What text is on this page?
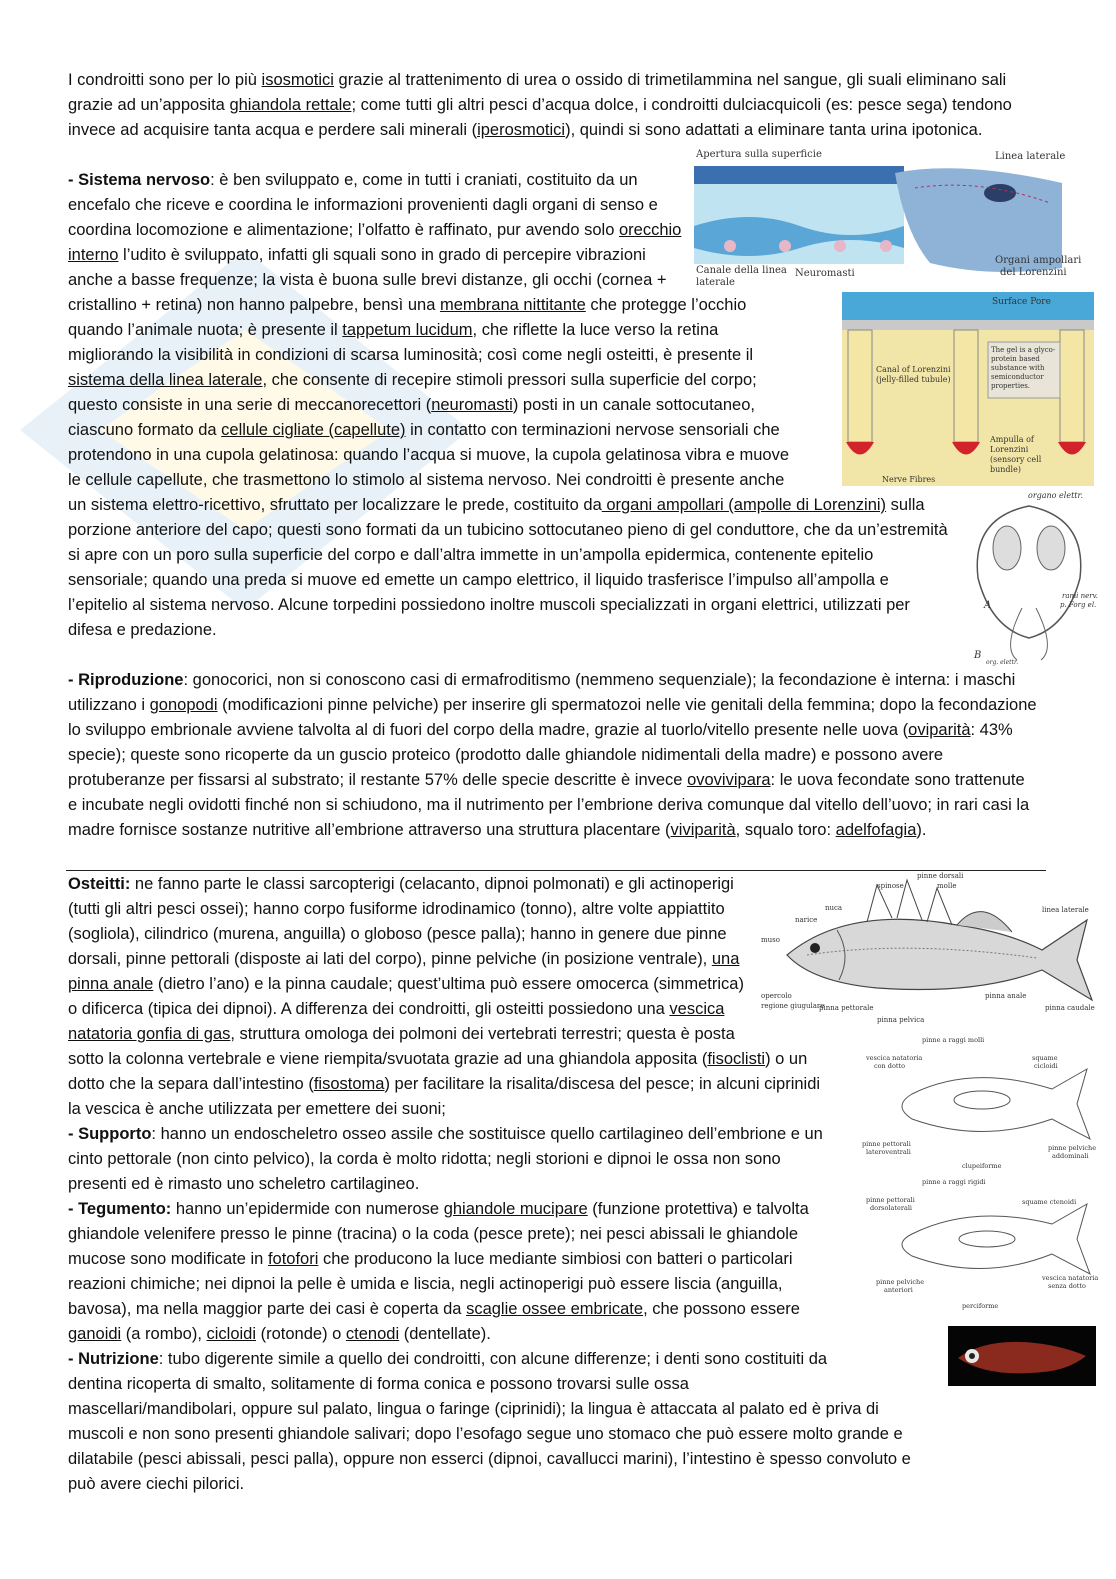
I condroitti sono per lo più isosmotici grazie al trattenimento di urea o ossido di trimetilammina nel sangue, gli suali eliminano sali grazie ad un’apposita ghiandola rettale; come tutti gli altri pesci d’acqua dolce, i condroitti dulciacquicoli (es: pesce sega) tendono invece ad acquisire tanta acqua e perdere sali minerali (iperosmotici), quindi si sono adattati a eliminare tanta urina ipotonica.

- Sistema nervoso: è ben sviluppato e, come in tutti i craniati, costituito da un encefalo che riceve e coordina le informazioni provenienti dagli organi di senso e coordina locomozione e alimentazione; l’olfatto è raffinato, pur avendo solo orecchio interno l’udito è sviluppato, infatti gli squali sono in grado di percepire vibrazioni anche a basse frequenze; la vista è buona sulle brevi distanze, gli occhi (cornea + cristallino + retina) non hanno palpebre, bensì una membrana nittitante che protegge l’occhio quando l’animale nuota; è presente il tappetum lucidum, che riflette la luce verso la retina migliorando la visibilità in condizioni di scarsa luminosità; così come negli osteitti, è presente il sistema della linea laterale, che consente di recepire stimoli pressori sulla superficie del corpo; questo consiste in una serie di meccanorecettori (neuromasti) posti in un canale sottocutaneo, ciascuno formato da cellule cigliate (capellute) in contatto con terminazioni nervose sensoriali che protendono in una cupola gelatinosa: quando l’acqua si muove, la cupola gelatinosa vibra e muove le cellule capellute, che trasmettono lo stimolo al sistema nervoso. Nei condroitti è presente anche un sistema elettro-ricettivo, sfruttato per localizzare le prede, costituito da organi ampollari (ampolle di Lorenzini) sulla porzione anteriore del capo; questi sono formati da un tubicino sottocutaneo pieno di gel conduttore, che da un’estremità si apre con un poro sulla superficie del corpo e dall’altra immette in un’ampolla epidermica, contenente epitelio sensoriale; quando una preda si muove ed emette un campo elettrico, il liquido trasferisce l’impulso all’ampolla e l’epitelio al sistema nervoso. Alcune torpedini possiedono inoltre muscoli specializzati in organi elettrici, utilizzati per difesa e predazione.

- Riproduzione: gonocorici, non si conoscono casi di ermafroditismo (nemmeno sequenziale); la fecondazione è interna: i maschi utilizzano i gonopodi (modificazioni pinne pelviche) per inserire gli spermatozoi nelle vie genitali della femmina; dopo la fecondazione lo sviluppo embrionale avviene talvolta al di fuori del corpo della madre, grazie al tuorlo/vitello presente nelle uova (oviparità: 43% specie); queste sono ricoperte da un guscio proteico (prodotto dalle ghiandole nidimentali della madre) e possono avere protuberanze per fissarsi al substrato; il restante 57% delle specie descritte è invece ovovivipara: le uova fecondate sono trattenute e incubate negli ovidotti finché non si schiudono, ma il nutrimento per l’embrione deriva comunque dal vitello dell’uovo; in rari casi la madre fornisce sostanze nutritive all’embrione attraverso una struttura placentare (viviparità, squalo toro: adelfofagia).

Osteitti: ne fanno parte le classi sarcopterigi (celacanto, dipnoi polmonati) e gli actinoperigi (tutti gli altri pesci ossei); hanno corpo fusiforme idrodinamico (tonno), altre volte appiattito (sogliola), cilindrico (murena, anguilla) o globoso (pesce palla); hanno in genere due pinne dorsali, pinne pettorali (disposte ai lati del corpo), pinne pelviche (in posizione ventrale), una pinna anale (dietro l’ano) e la pinna caudale; quest’ultima può essere omocerca (simmetrica) o dificerca (tipica dei dipnoi). A differenza dei condroitti, gli osteitti possiedono una vescica natatoria gonfia di gas, struttura omologa dei polmoni dei vertebrati terrestri; questa è posta sotto la colonna vertebrale e viene riempita/svuotata grazie ad una ghiandola apposita (fisoclisti) o un dotto che la separa dall’intestino (fisostoma) per facilitare la risalita/discesa del pesce; in alcuni ciprinidi la vescica è anche utilizzata per emettere dei suoni;
- Supporto: hanno un endoscheletro osseo assile che sostituisce quello cartilagineo dell’embrione e un cinto pettorale (non cinto pelvico), la corda è molto ridotta; negli storioni e dipnoi le ossa non sono presenti ed è rimasto uno scheletro cartilagineo.
- Tegumento: hanno un’epidermide con numerose ghiandole mucipare (funzione protettiva) e talvolta ghiandole velenifere presso le pinne (tracina) o la coda (pesce prete); nei pesci abissali le ghiandole mucose sono modificate in fotofori che producono la luce mediante simbiosi con batteri o particolari reazioni chimiche; nei dipnoi la pelle è umida e liscia, negli actinoperigi può essere liscia (anguilla, bavosa), ma nella maggior parte dei casi è coperta da scaglie ossee embricate, che possono essere ganoidi (a rombo), cicloidi (rotonde) o ctenodi (dentellate).
- Nutrizione: tubo digerente simile a quello dei condroitti, con alcune differenze; i denti sono costituiti da dentina ricoperta di smalto, solitamente di forma conica e possono trovarsi sulle ossa mascellari/mandibolari, oppure sul palato, lingua o faringe (ciprinidi); la lingua è attaccata al palato ed è priva di muscoli e non sono presenti ghiandole salivari; dopo l’esofago segue uno stomaco che può essere molto grande e dilatabile (pesci abissali, pesci palla), oppure non esserci (dipnoi, cavallucci marini), l’intestino è spesso convoluto e può avere ciechi pilorici.
Apertura sulla superficie	Linea laterale
Canale della linea
laterale
Neuromasti
Organi ampollari
del Lorenzini
Surface Pore
Canal of Lorenzini
(jelly-filled tubule)
The gel is a glyco-
protein based
substance with
semiconductor
properties.
Ampulla of
Lorenzini
(sensory cell
bundle)
Nerve Fibres
organo elettr.
A
B
rami nerv.
p. Forg el.
org. elettr.
pinne dorsali
spinose	molle
nuca
narice
linea laterale
muso
opercolo
regione giugulare
pinna pettorale
pinna pelvica
pinna anale
pinna caudale
pinne a raggi molli
vescica natatoria
con dotto
squame
cicloidi
pinne pettorali
lateroventrali	pinne pelviche
addominali
clupeiforme
pinne a raggi rigidi
pinne pettorali
dorsolaterali
squame ctenoidi
pinne pelviche
anteriori
vescica natatoria
senza dotto
perciforme
